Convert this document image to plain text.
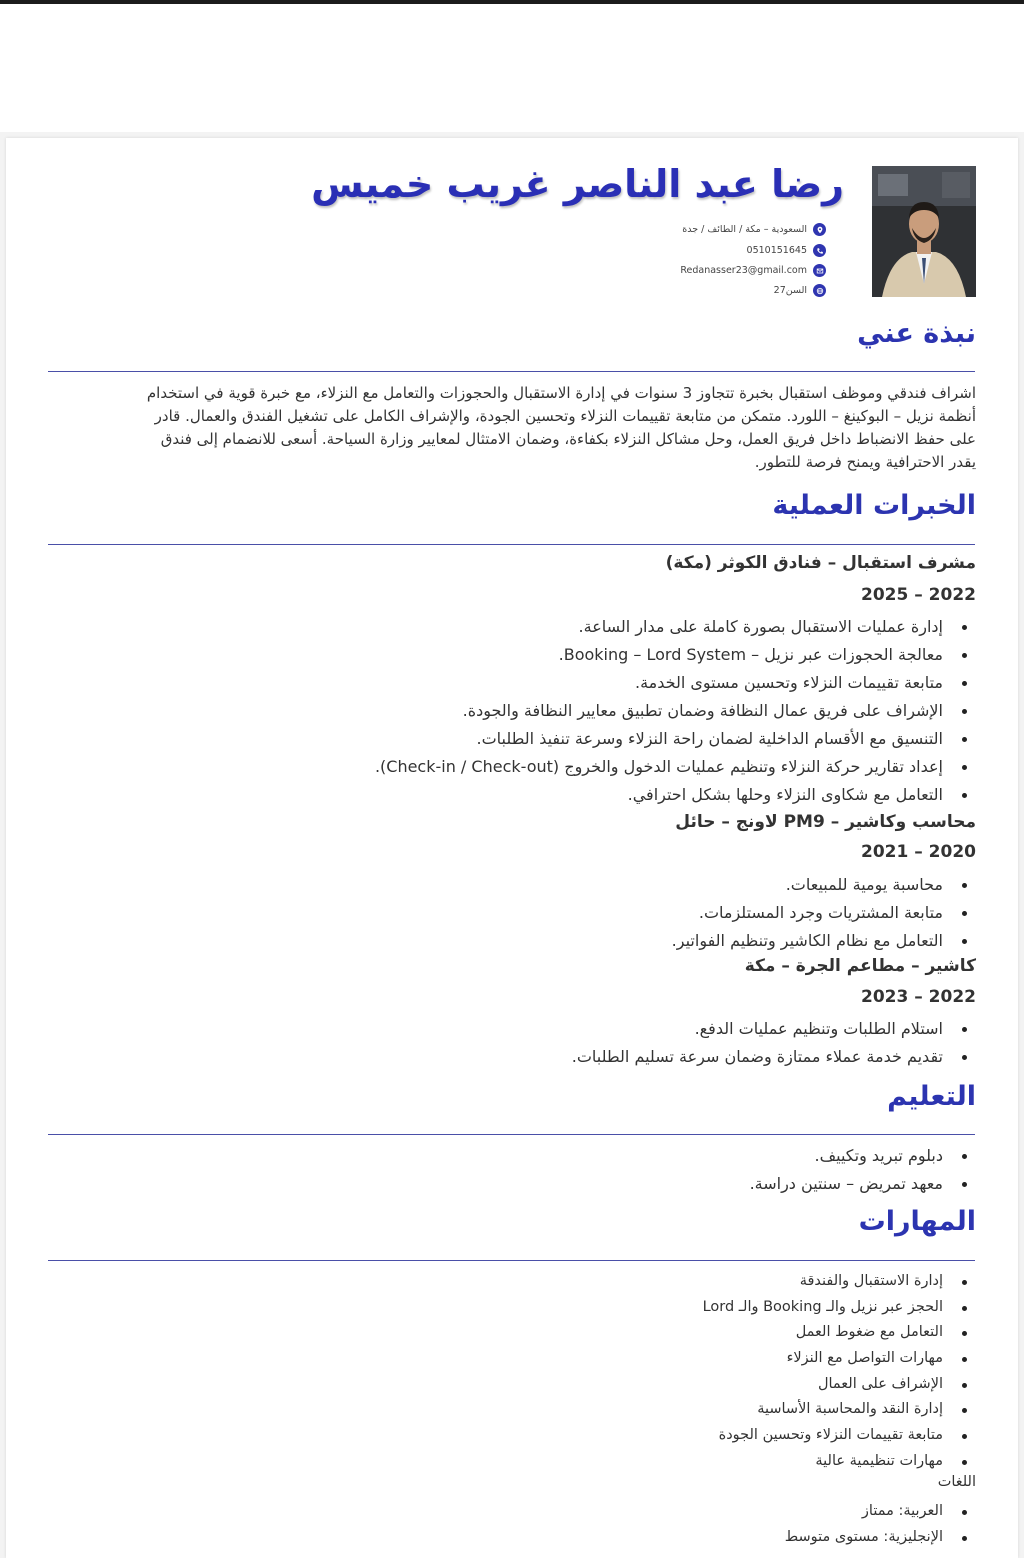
رضا عبد الناصر غريب خميس
السعودية – مكة / الطائف / جدة
0510151645
Redanasser23@gmail.com
السن27
نبذة عني
اشراف فندقي وموظف استقبال بخبرة تتجاوز 3 سنوات في إدارة الاستقبال والحجوزات والتعامل مع النزلاء، مع خبرة قوية في استخدام أنظمة نزيل – البوكينغ – اللورد. متمكن من متابعة تقييمات النزلاء وتحسين الجودة، والإشراف الكامل على تشغيل الفندق والعمال. قادر على حفظ الانضباط داخل فريق العمل، وحل مشاكل النزلاء بكفاءة، وضمان الامتثال لمعايير وزارة السياحة. أسعى للانضمام إلى فندق يقدر الاحترافية ويمنح فرصة للتطور.
الخبرات العملية
مشرف استقبال – فنادق الكوثر (مكة)
2022 – 2025
إدارة عمليات الاستقبال بصورة كاملة على مدار الساعة.
معالجة الحجوزات عبر نزيل – Booking – Lord System.
متابعة تقييمات النزلاء وتحسين مستوى الخدمة.
الإشراف على فريق عمال النظافة وضمان تطبيق معايير النظافة والجودة.
التنسيق مع الأقسام الداخلية لضمان راحة النزلاء وسرعة تنفيذ الطلبات.
إعداد تقارير حركة النزلاء وتنظيم عمليات الدخول والخروج (Check-in / Check-out).
التعامل مع شكاوى النزلاء وحلها بشكل احترافي.
محاسب وكاشير – PM9 لاونج – حائل
2020 – 2021
محاسبة يومية للمبيعات.
متابعة المشتريات وجرد المستلزمات.
التعامل مع نظام الكاشير وتنظيم الفواتير.
كاشير – مطاعم الجرة – مكة
2022 – 2023
استلام الطلبات وتنظيم عمليات الدفع.
تقديم خدمة عملاء ممتازة وضمان سرعة تسليم الطلبات.
التعليم
دبلوم تبريد وتكييف.
معهد تمريض – سنتين دراسة.
المهارات
إدارة الاستقبال والفندقة
الحجز عبر نزيل والـ Booking والـ Lord
التعامل مع ضغوط العمل
مهارات التواصل مع النزلاء
الإشراف على العمال
إدارة النقد والمحاسبة الأساسية
متابعة تقييمات النزلاء وتحسين الجودة
مهارات تنظيمية عالية
اللغات
العربية: ممتاز
الإنجليزية: مستوى متوسط
